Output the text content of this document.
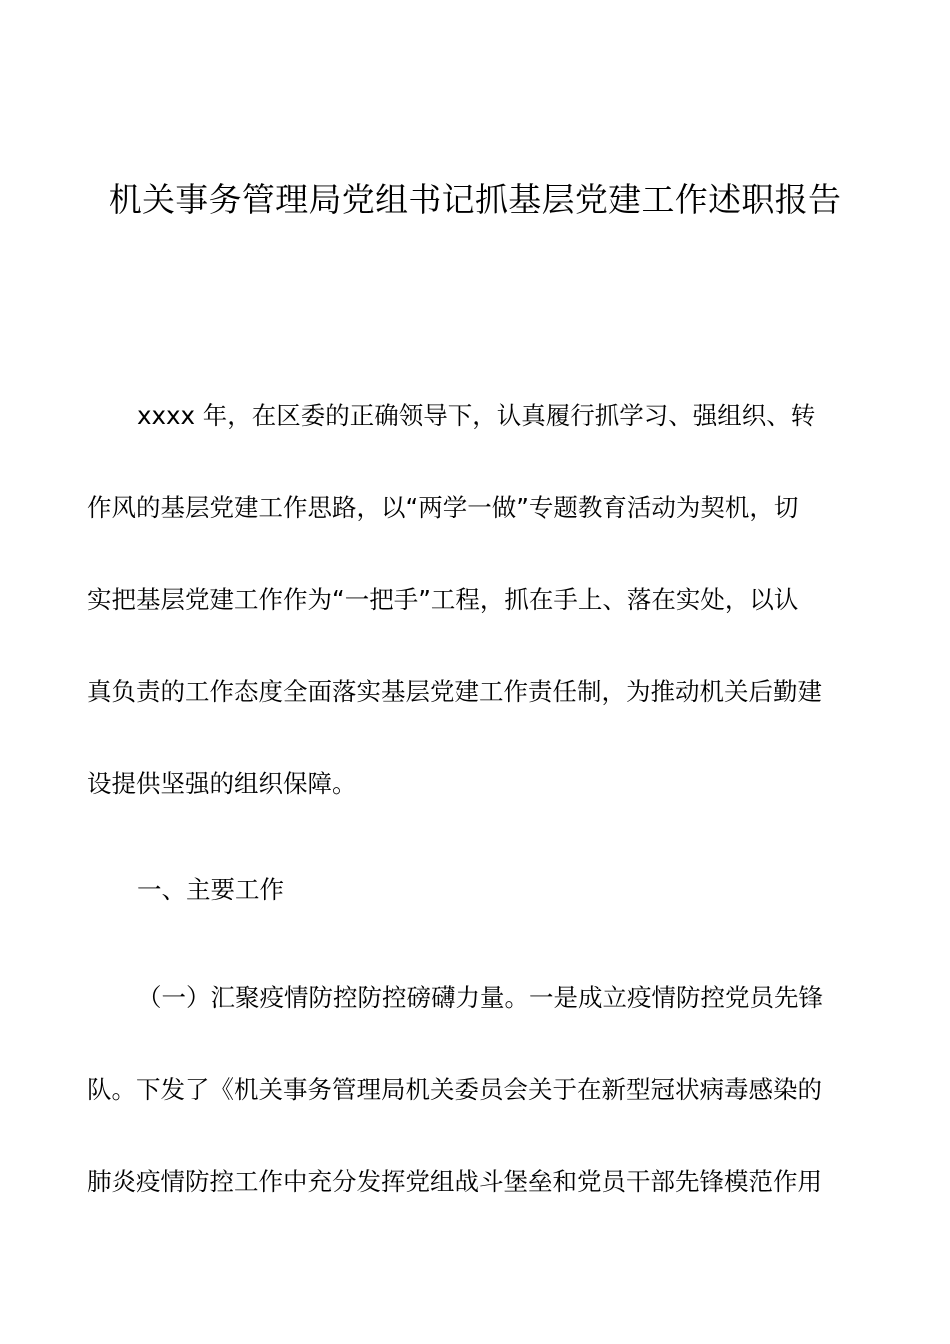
机关事务管理局党组书记抓基层党建工作述职报告
xxxx 年，在区委的正确领导下，认真履行抓学习、强组织、转
作风的基层党建工作思路，以“两学一做”专题教育活动为契机，切
实把基层党建工作作为“一把手”工程，抓在手上、落在实处，以认
真负责的工作态度全面落实基层党建工作责任制，为推动机关后勤建
设提供坚强的组织保障。
一、主要工作
（一）汇聚疫情防控防控磅礴力量。一是成立疫情防控党员先锋
队。下发了《机关事务管理局机关委员会关于在新型冠状病毒感染的
肺炎疫情防控工作中充分发挥党组战斗堡垒和党员干部先锋模范作用
